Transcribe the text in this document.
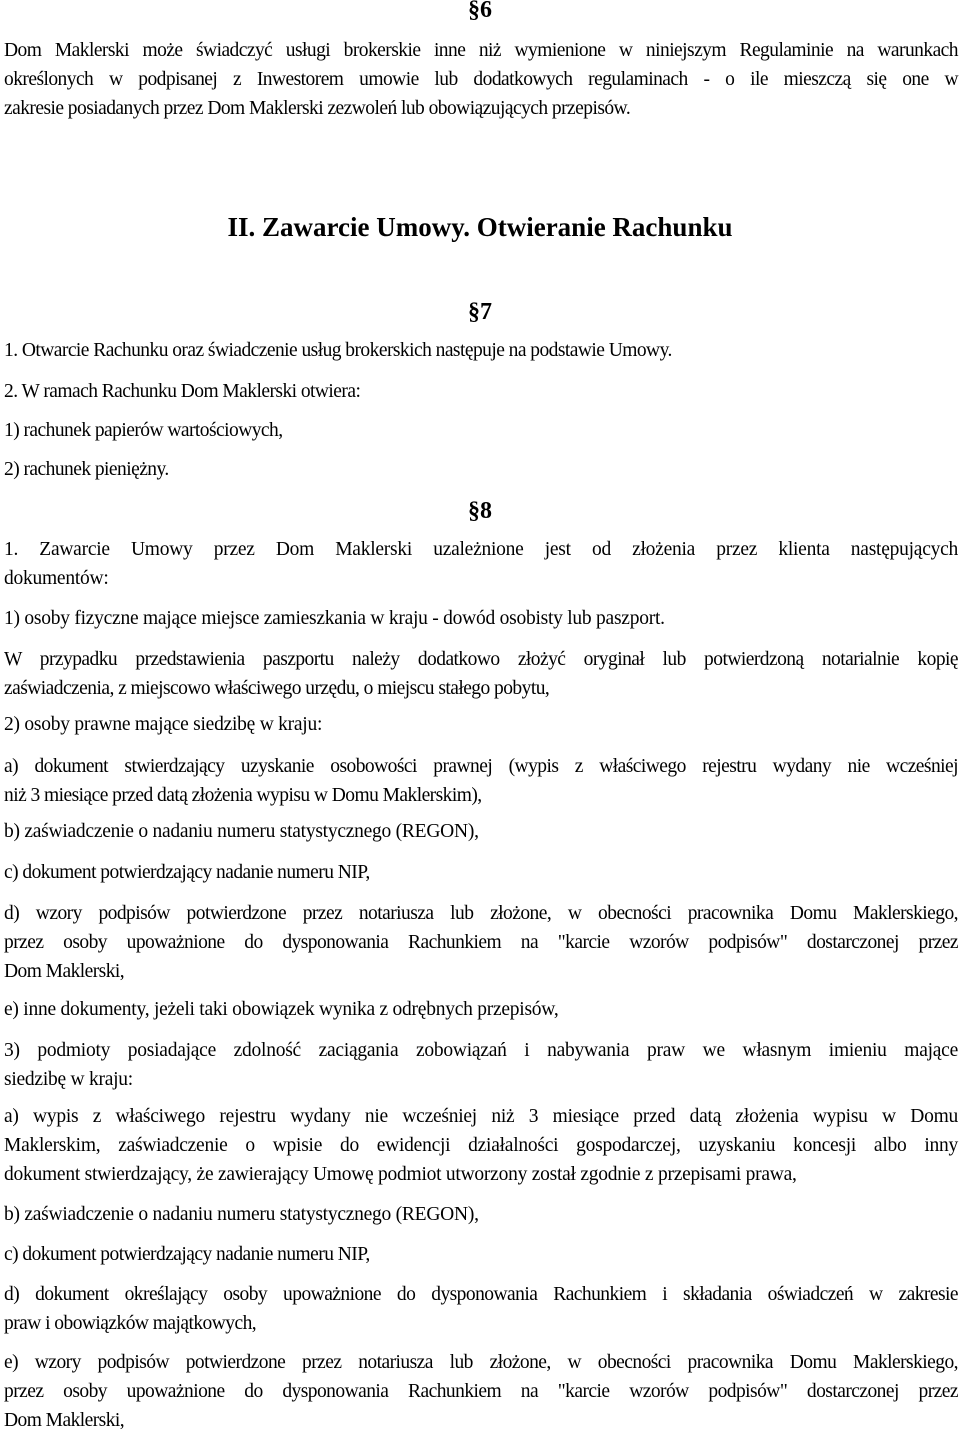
§6
Dom Maklerski może świadczyć usługi brokerskie inne niż wymienione w niniejszym Regulaminie na warunkach
określonych w podpisanej z Inwestorem umowie lub dodatkowych regulaminach - o ile mieszczą się one w
zakresie posiadanych przez Dom Maklerski zezwoleń lub obowiązujących przepisów.
II. Zawarcie Umowy. Otwieranie Rachunku
§7
1. Otwarcie Rachunku oraz świadczenie usług brokerskich następuje na podstawie Umowy.
2. W ramach Rachunku Dom Maklerski otwiera:
1) rachunek papierów wartościowych,
2) rachunek pieniężny.
§8
1. Zawarcie Umowy przez Dom Maklerski uzależnione jest od złożenia przez klienta następujących
dokumentów:
1) osoby fizyczne mające miejsce zamieszkania w kraju - dowód osobisty lub paszport.
W przypadku przedstawienia paszportu należy dodatkowo złożyć oryginał lub potwierdzoną notarialnie kopię
zaświadczenia, z miejscowo właściwego urzędu, o miejscu stałego pobytu,
2) osoby prawne mające siedzibę w kraju:
a) dokument stwierdzający uzyskanie osobowości prawnej (wypis z właściwego rejestru wydany nie wcześniej
niż 3 miesiące przed datą złożenia wypisu w Domu Maklerskim),
b) zaświadczenie o nadaniu numeru statystycznego (REGON),
c) dokument potwierdzający nadanie numeru NIP,
d) wzory podpisów potwierdzone przez notariusza lub złożone, w obecności pracownika Domu Maklerskiego,
przez osoby upoważnione do dysponowania Rachunkiem na "karcie wzorów podpisów" dostarczonej przez
Dom Maklerski,
e) inne dokumenty, jeżeli taki obowiązek wynika z odrębnych przepisów,
3) podmioty posiadające zdolność zaciągania zobowiązań i nabywania praw we własnym imieniu mające
siedzibę w kraju:
a) wypis z właściwego rejestru wydany nie wcześniej niż 3 miesiące przed datą złożenia wypisu w Domu
Maklerskim, zaświadczenie o wpisie do ewidencji działalności gospodarczej, uzyskaniu koncesji albo inny
dokument stwierdzający, że zawierający Umowę podmiot utworzony został zgodnie z przepisami prawa,
b) zaświadczenie o nadaniu numeru statystycznego (REGON),
c) dokument potwierdzający nadanie numeru NIP,
d) dokument określający osoby upoważnione do dysponowania Rachunkiem i składania oświadczeń w zakresie
praw i obowiązków majątkowych,
e) wzory podpisów potwierdzone przez notariusza lub złożone, w obecności pracownika Domu Maklerskiego,
przez osoby upoważnione do dysponowania Rachunkiem na "karcie wzorów podpisów" dostarczonej przez
Dom Maklerski,
